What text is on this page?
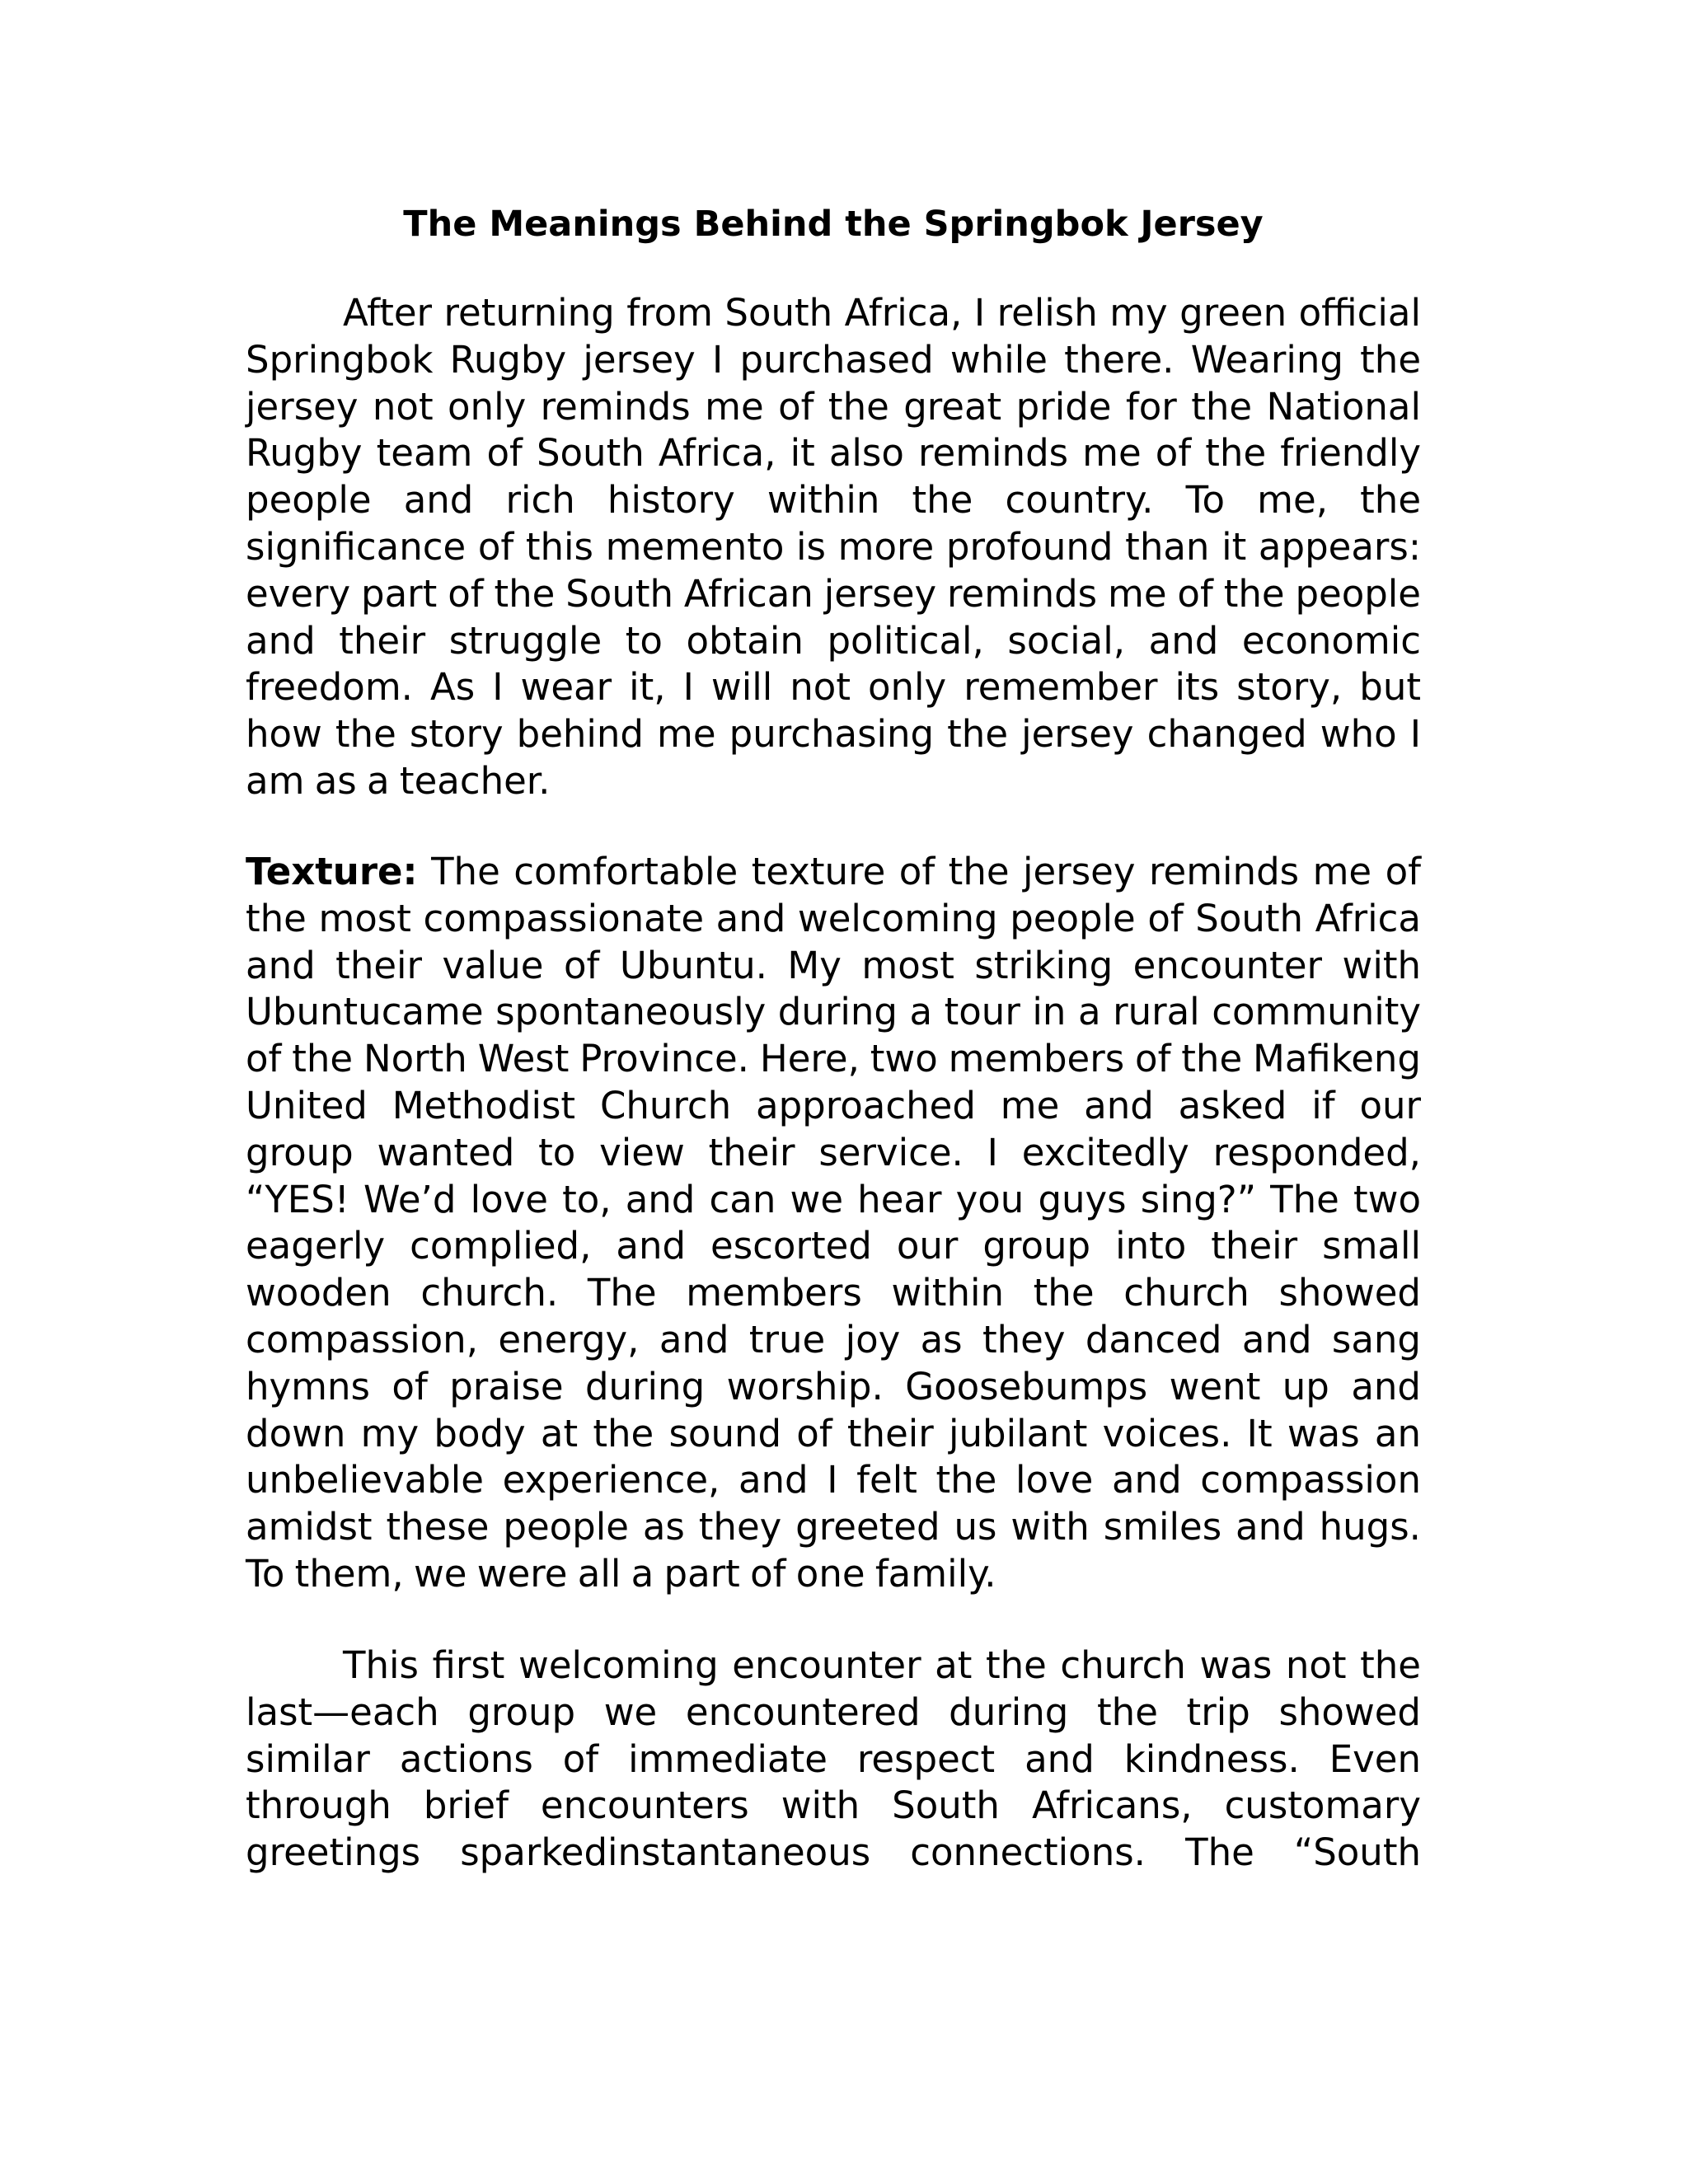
The Meanings Behind the Springbok Jersey

After returning from South Africa, I relish my green official Springbok Rugby jersey I purchased while there. Wearing the jersey not only reminds me of the great pride for the National Rugby team of South Africa, it also reminds me of the friendly people and rich history within the country. To me, the significance of this memento is more profound than it appears: every part of the South African jersey reminds me of the people and their struggle to obtain political, social, and economic freedom. As I wear it, I will not only remember its story, but how the story behind me purchasing the jersey changed who I am as a teacher.

Texture: The comfortable texture of the jersey reminds me of the most compassionate and welcoming people of South Africa and their value of Ubuntu. My most striking encounter with Ubuntucame spontaneously during a tour in a rural community of the North West Province. Here, two members of the Mafikeng United Methodist Church approached me and asked if our group wanted to view their service. I excitedly responded, “YES! We’d love to, and can we hear you guys sing?” The two eagerly complied, and escorted our group into their small wooden church. The members within the church showed compassion, energy, and true joy as they danced and sang hymns of praise during worship. Goosebumps went up and down my body at the sound of their jubilant voices. It was an unbelievable experience, and I felt the love and compassion amidst these people as they greeted us with smiles and hugs. To them, we were all a part of one family.

This first welcoming encounter at the church was not the last—each group we encountered during the trip showed similar actions of immediate respect and kindness. Even through brief encounters with South Africans, customary greetings sparkedinstantaneous connections. The “South
